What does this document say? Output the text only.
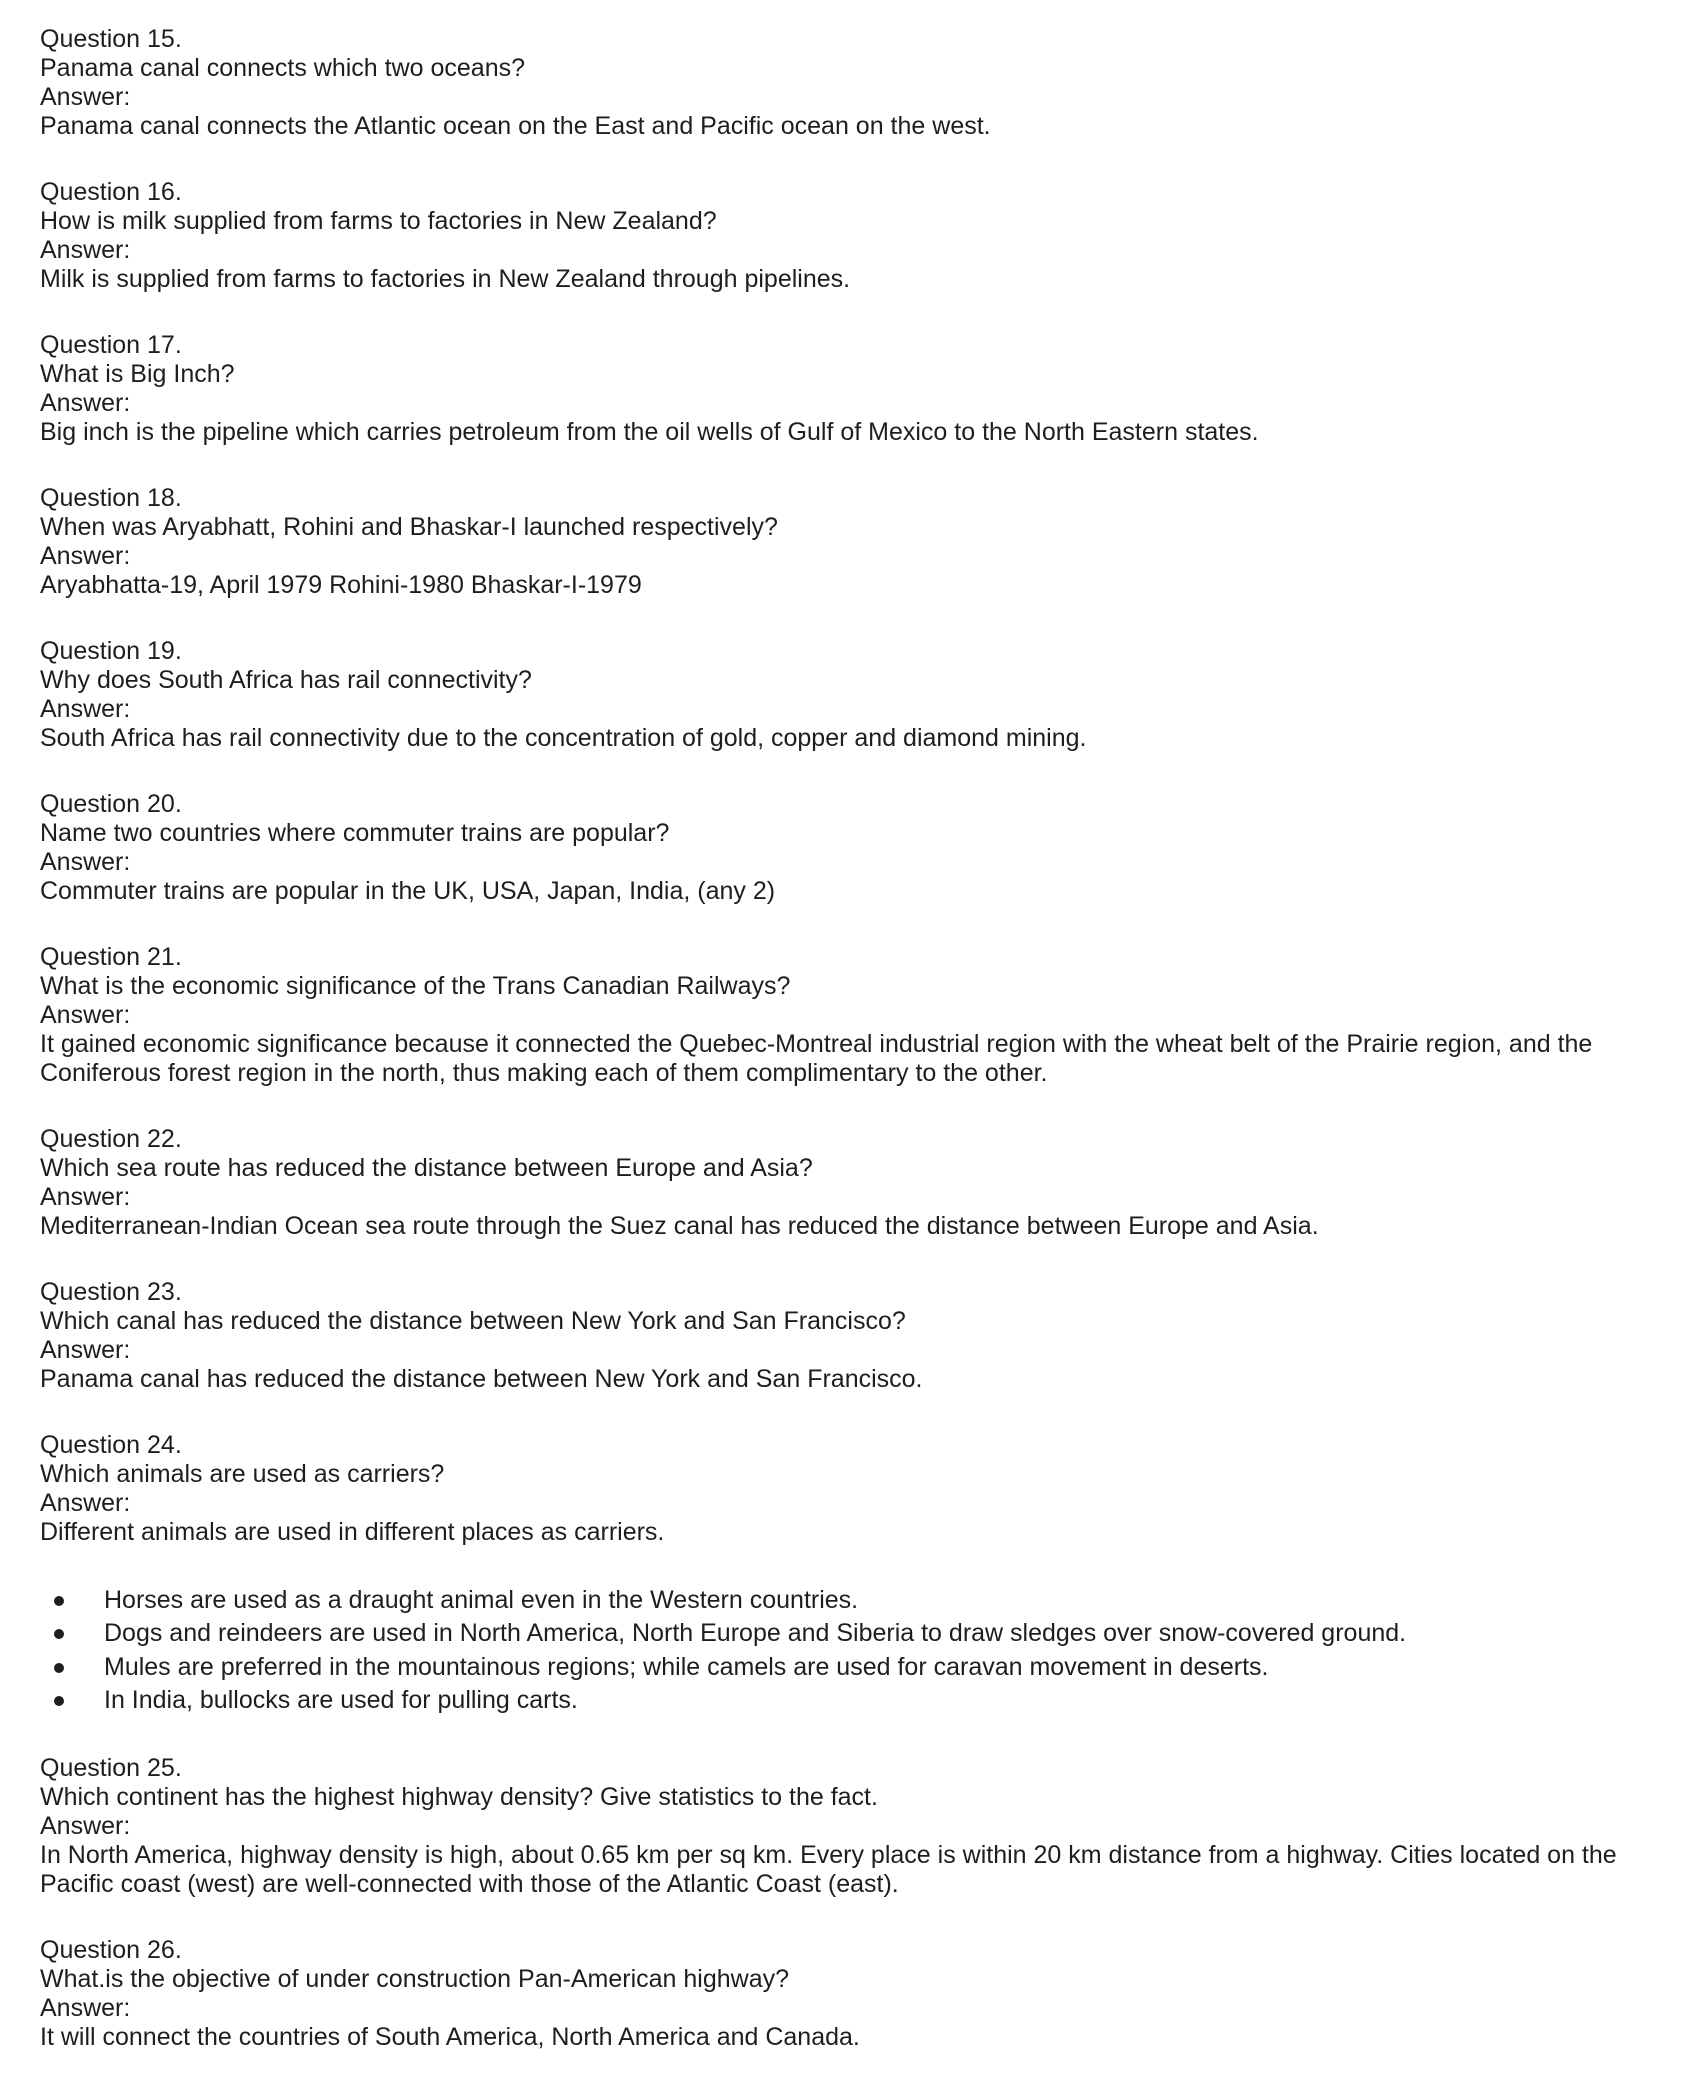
Question 15.
Panama canal connects which two oceans?
Answer:
Panama canal connects the Atlantic ocean on the East and Pacific ocean on the west.
Question 16.
How is milk supplied from farms to factories in New Zealand?
Answer:
Milk is supplied from farms to factories in New Zealand through pipelines.
Question 17.
What is Big Inch?
Answer:
Big inch is the pipeline which carries petroleum from the oil wells of Gulf of Mexico to the North Eastern states.
Question 18.
When was Aryabhatt, Rohini and Bhaskar-I launched respectively?
Answer:
Aryabhatta-19, April 1979 Rohini-1980 Bhaskar-I-1979
Question 19.
Why does South Africa has rail connectivity?
Answer:
South Africa has rail connectivity due to the concentration of gold, copper and diamond mining.
Question 20.
Name two countries where commuter trains are popular?
Answer:
Commuter trains are popular in the UK, USA, Japan, India, (any 2)
Question 21.
What is the economic significance of the Trans Canadian Railways?
Answer:
It gained economic significance because it connected the Quebec-Montreal industrial region with the wheat belt of the Prairie region, and the Coniferous forest region in the north, thus making each of them complimentary to the other.
Question 22.
Which sea route has reduced the distance between Europe and Asia?
Answer:
Mediterranean-Indian Ocean sea route through the Suez canal has reduced the distance between Europe and Asia.
Question 23.
Which canal has reduced the distance between New York and San Francisco?
Answer:
Panama canal has reduced the distance between New York and San Francisco.
Question 24.
Which animals are used as carriers?
Answer:
Different animals are used in different places as carriers.
Horses are used as a draught animal even in the Western countries.
Dogs and reindeers are used in North America, North Europe and Siberia to draw sledges over snow-covered ground.
Mules are preferred in the mountainous regions; while camels are used for caravan movement in deserts.
In India, bullocks are used for pulling carts.
Question 25.
Which continent has the highest highway density? Give statistics to the fact.
Answer:
In North America, highway density is high, about 0.65 km per sq km. Every place is within 20 km distance from a highway. Cities located on the Pacific coast (west) are well-connected with those of the Atlantic Coast (east).
Question 26.
What.is the objective of under construction Pan-American highway?
Answer:
It will connect the countries of South America, North America and Canada.
